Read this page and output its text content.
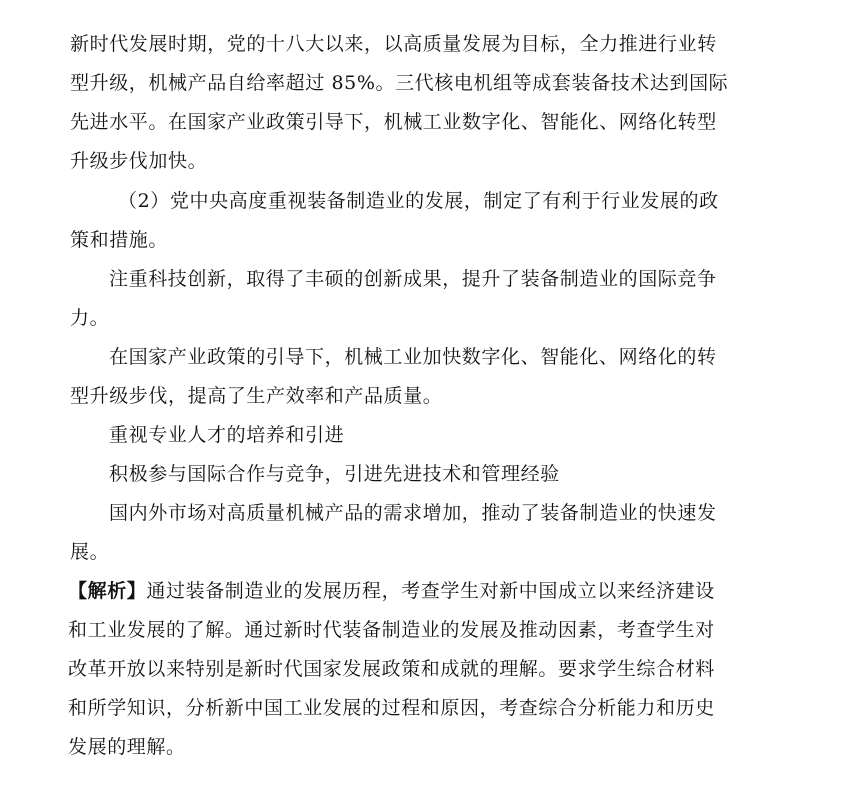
新时代发展时期，党的十八大以来，以高质量发展为目标，全力推进行业转
型升级，机械产品自给率超过 85%。三代核电机组等成套装备技术达到国际
先进水平。在国家产业政策引导下，机械工业数字化、智能化、网络化转型
升级步伐加快。
（2）党中央高度重视装备制造业的发展，制定了有利于行业发展的政
策和措施。
注重科技创新，取得了丰硕的创新成果，提升了装备制造业的国际竞争
力。
在国家产业政策的引导下，机械工业加快数字化、智能化、网络化的转
型升级步伐，提高了生产效率和产品质量。
重视专业人才的培养和引进
积极参与国际合作与竞争，引进先进技术和管理经验
国内外市场对高质量机械产品的需求增加，推动了装备制造业的快速发
展。
【解析】通过装备制造业的发展历程，考查学生对新中国成立以来经济建设
和工业发展的了解。通过新时代装备制造业的发展及推动因素，考查学生对
改革开放以来特别是新时代国家发展政策和成就的理解。要求学生综合材料
和所学知识，分析新中国工业发展的过程和原因，考查综合分析能力和历史
发展的理解。
